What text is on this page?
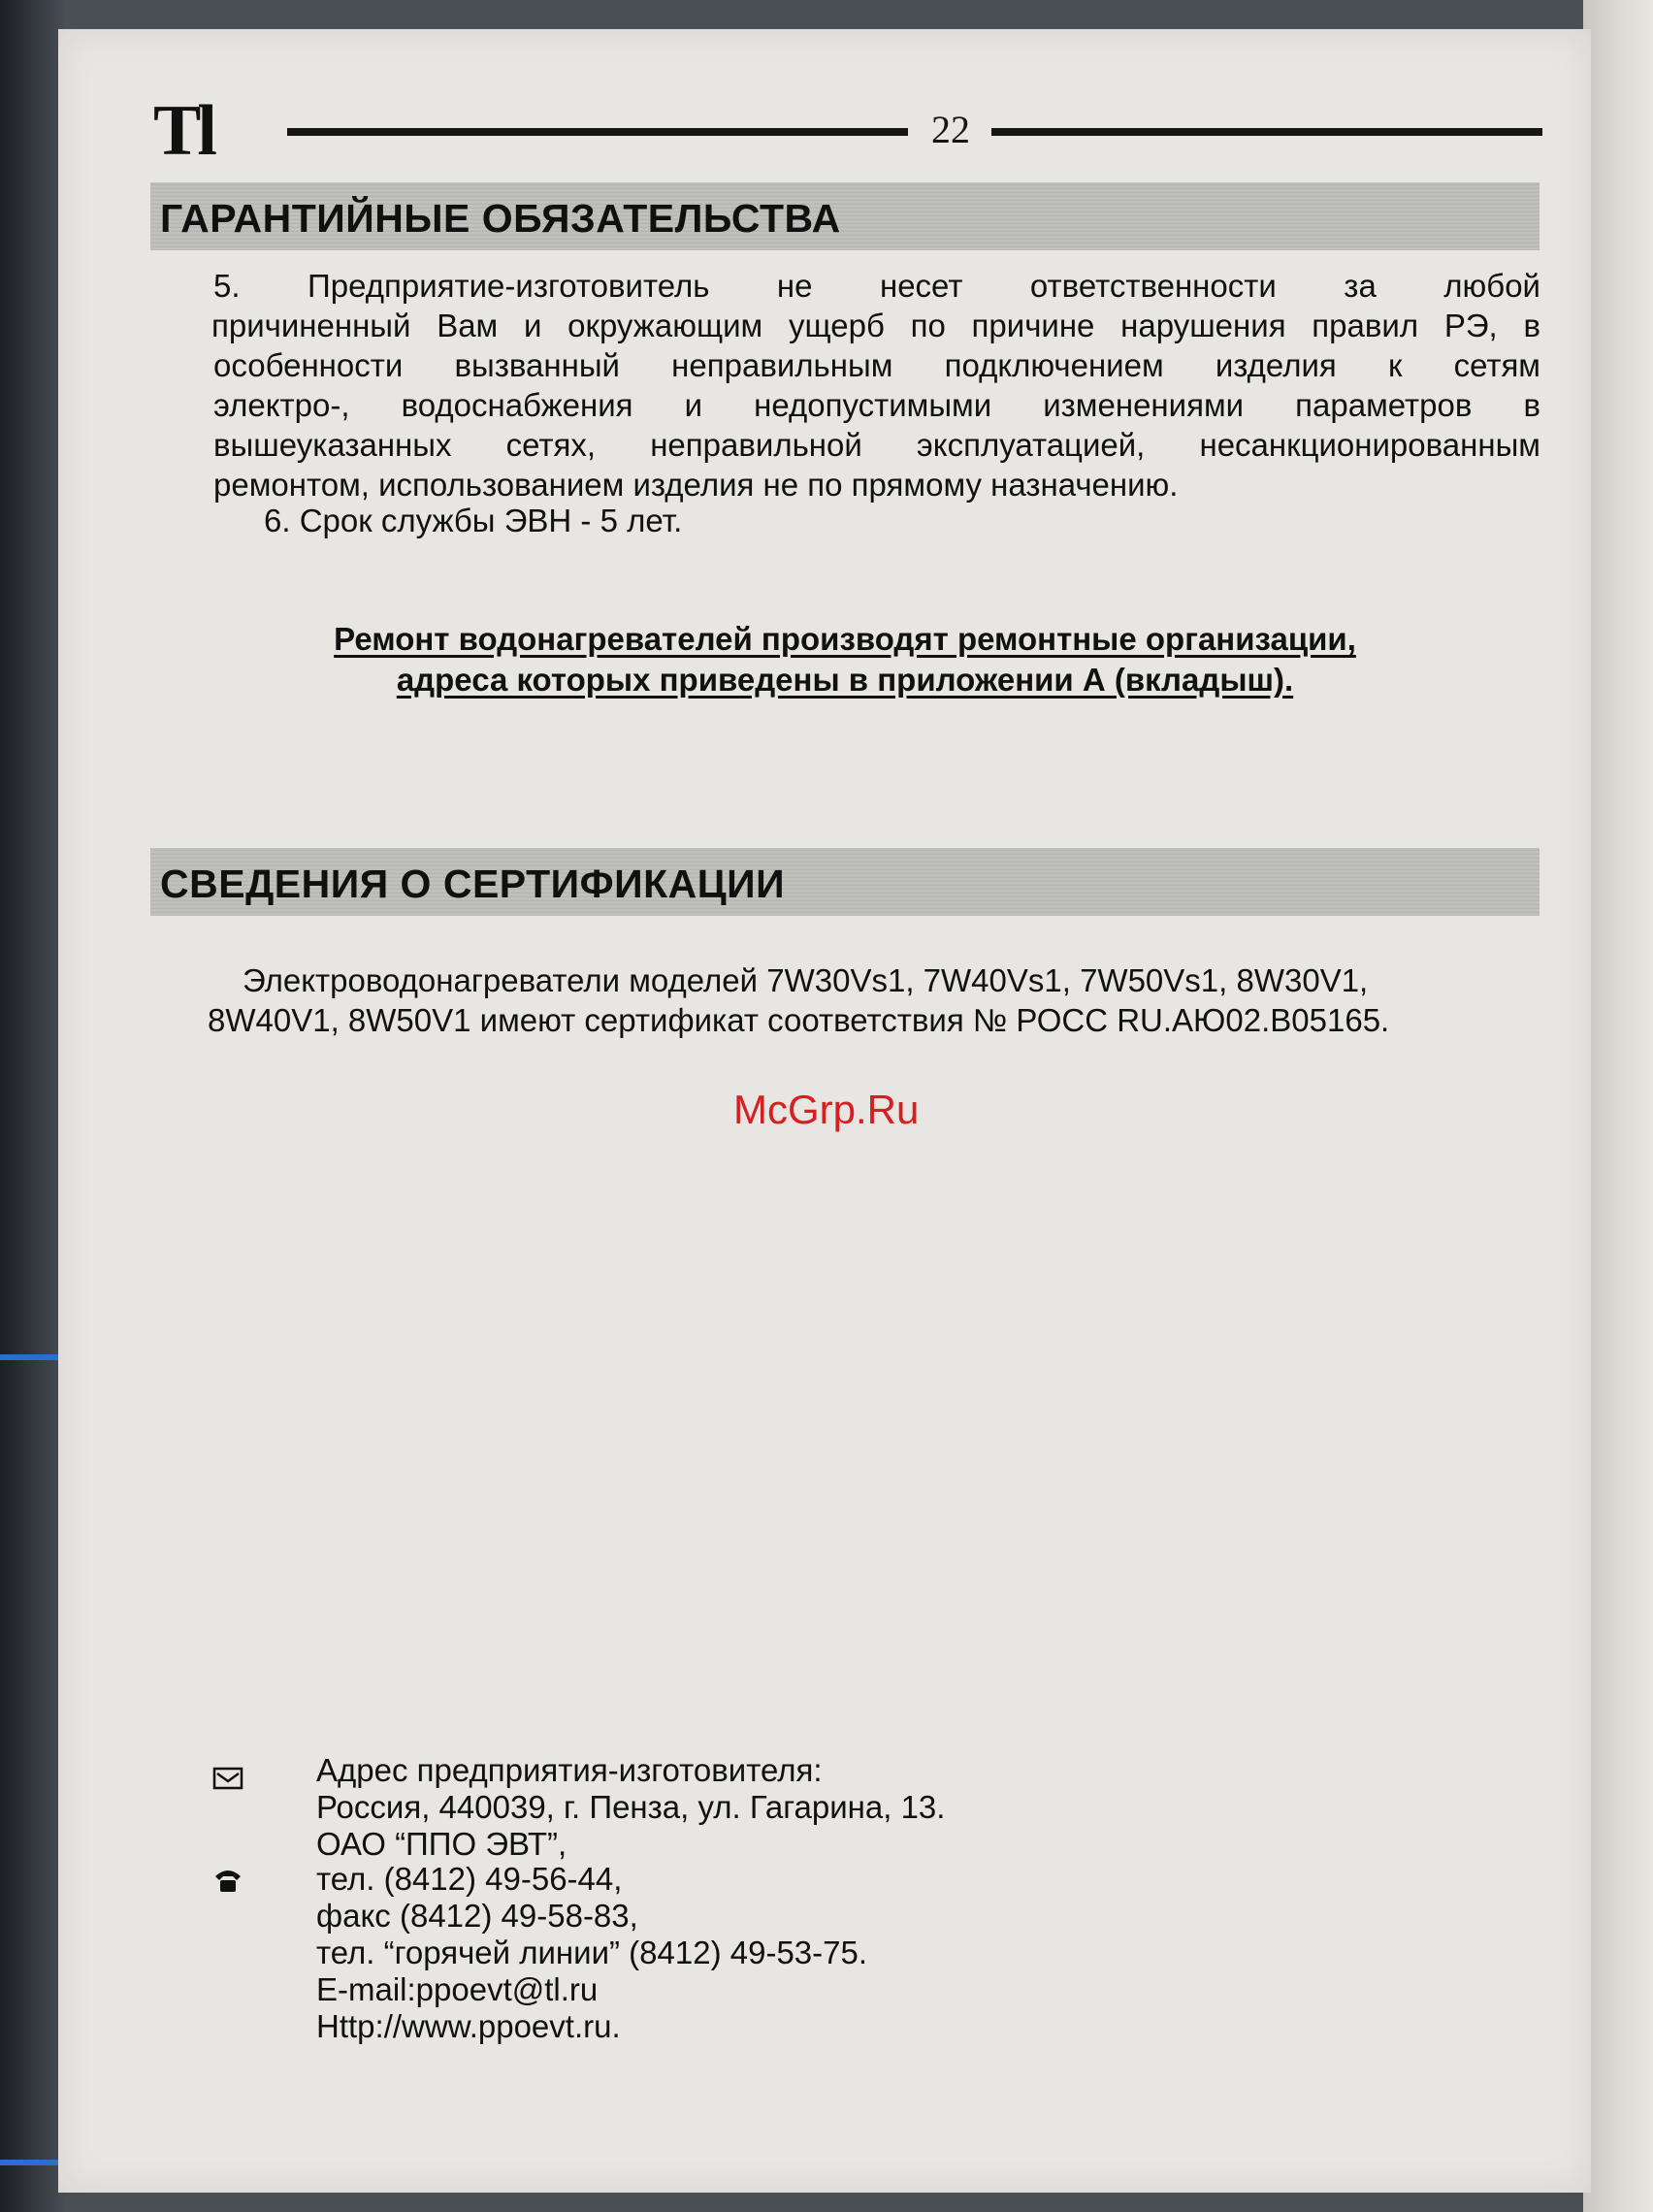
Tl	22
ГАРАНТИЙНЫЕ ОБЯЗАТЕЛЬСТВА
5. Предприятие-изготовитель не несет ответственности за любой
причиненный Вам и окружающим ущерб по причине нарушения правил РЭ, в
особенности вызванный неправильным подключением изделия к сетям
электро-, водоснабжения и недопустимыми изменениями параметров в
вышеуказанных сетях, неправильной эксплуатацией, несанкционированным
ремонтом, использованием изделия не по прямому назначению.
6. Срок службы ЭВН - 5 лет.
Ремонт водонагревателей производят ремонтные организации,
адреса которых приведены в приложении А (вкладыш).
СВЕДЕНИЯ О СЕРТИФИКАЦИИ
Электроводонагреватели моделей 7W30Vs1, 7W40Vs1, 7W50Vs1, 8W30V1,
8W40V1, 8W50V1 имеют сертификат соответствия № РОСС RU.АЮ02.В05165.
McGrp.Ru
Адрес предприятия-изготовителя:
Россия, 440039, г. Пенза, ул. Гагарина, 13.
ОАО “ППО ЭВТ”,
тел. (8412) 49-56-44,
факс (8412) 49-58-83,
тел. “горячей линии” (8412) 49-53-75.
E-mail:ppoevt@tl.ru
Http://www.ppoevt.ru.
